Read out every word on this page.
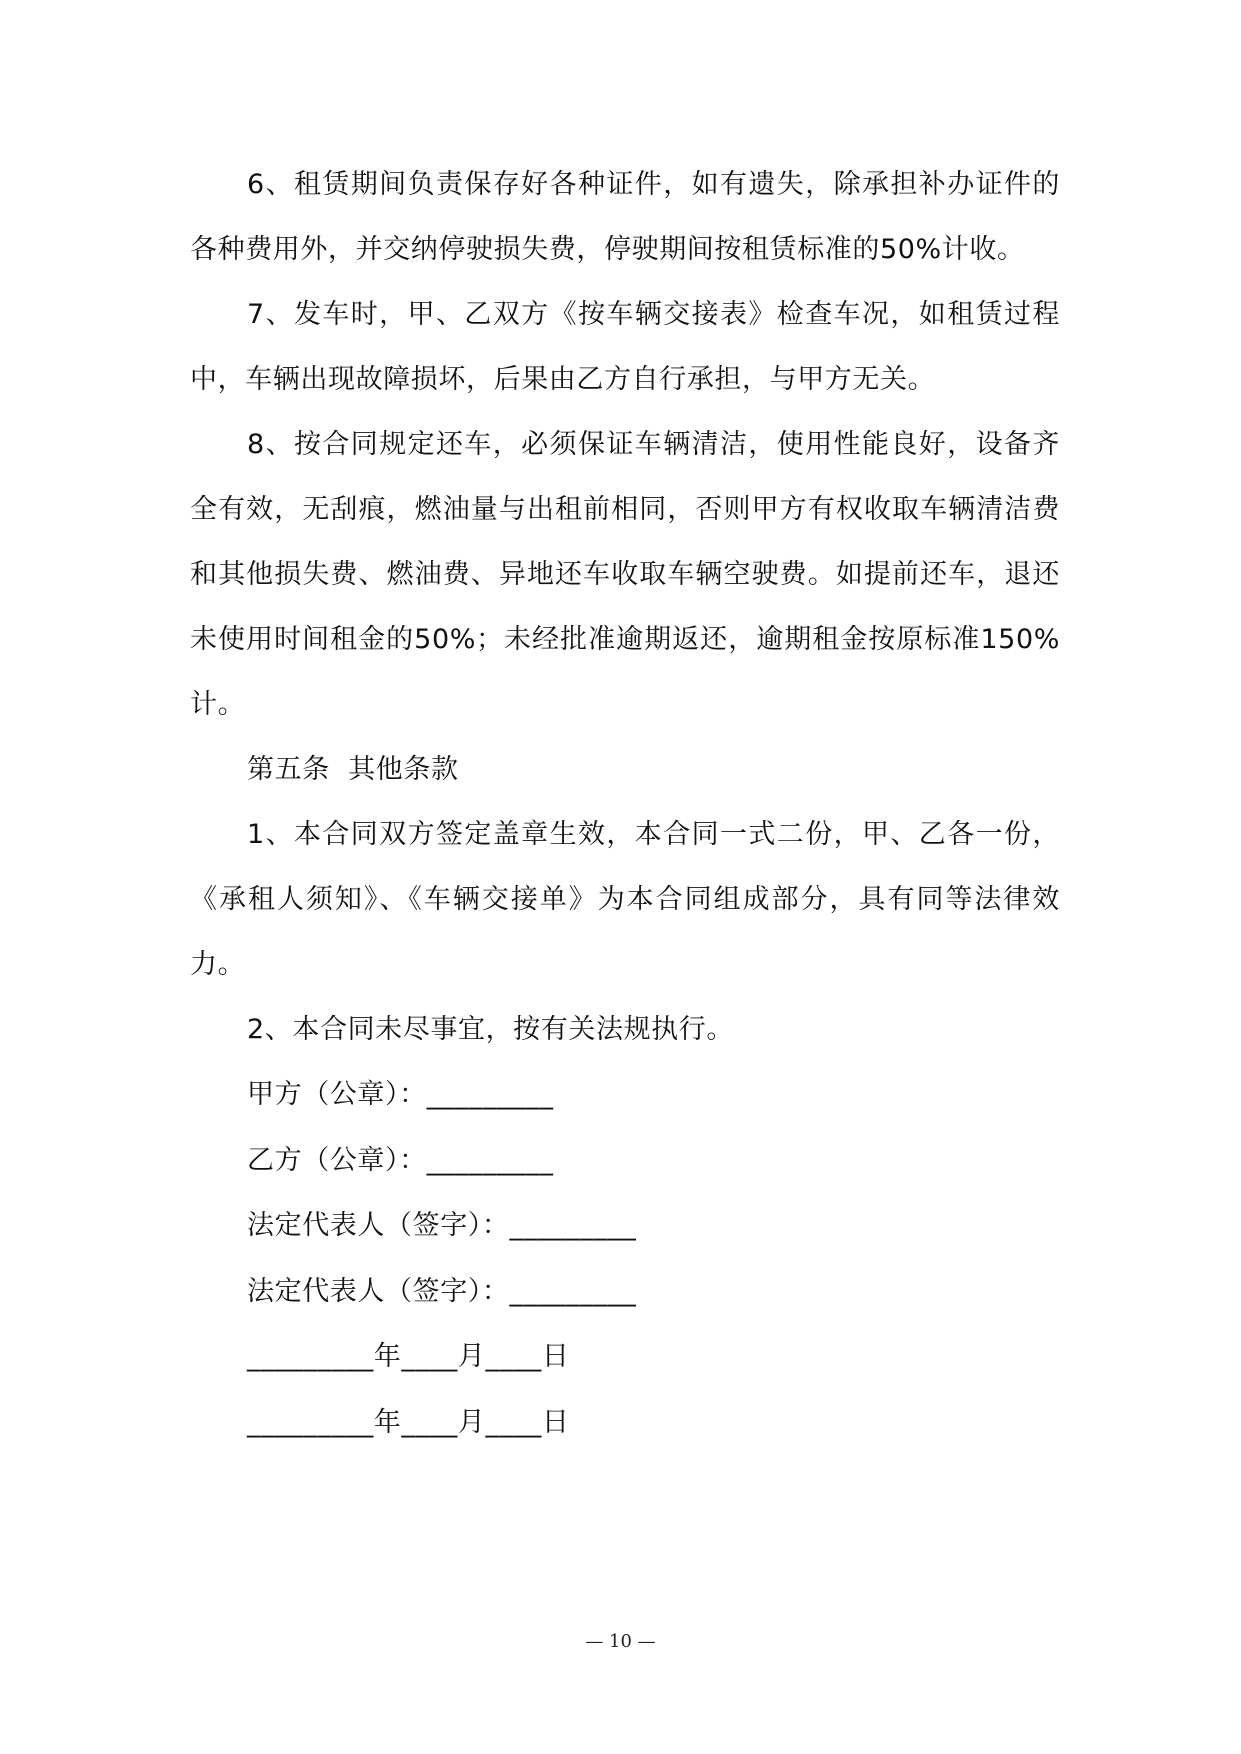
6、租赁期间负责保存好各种证件，如有遗失，除承担补办证件的各种费用外，并交纳停驶损失费，停驶期间按租赁标准的50%计收。

7、发车时，甲、乙双方《按车辆交接表》检查车况，如租赁过程中，车辆出现故障损坏，后果由乙方自行承担，与甲方无关。

8、按合同规定还车，必须保证车辆清洁，使用性能良好，设备齐全有效，无刮痕，燃油量与出租前相同，否则甲方有权收取车辆清洁费和其他损失费、燃油费、异地还车收取车辆空驶费。如提前还车，退还未使用时间租金的50%；未经批准逾期返还，逾期租金按原标准150%计。

第五条  其他条款

1、本合同双方签定盖章生效，本合同一式二份，甲、乙各一份，《承租人须知》、《车辆交接单》为本合同组成部分，具有同等法律效力。

2、本合同未尽事宜，按有关法规执行。

甲方（公章）：_________
乙方（公章）：_________
法定代表人（签字）：_________
法定代表人（签字）：_________
_________年____月____日
_________年____月____日
— 10 —
